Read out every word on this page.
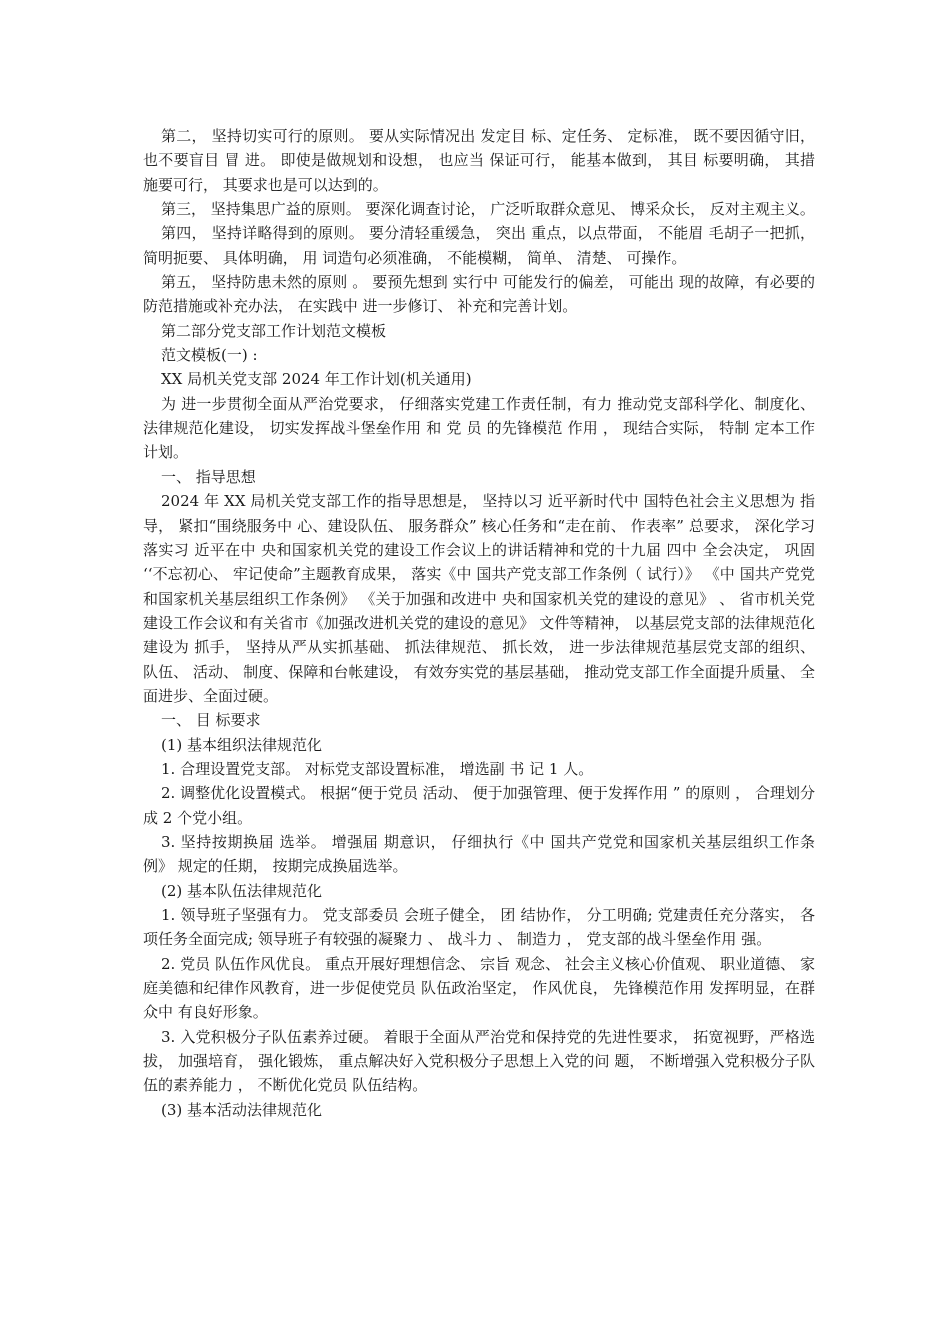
第二， 坚持切实可行的原则。 要从实际情况出 发定目 标、定任务、 定标准， 既不要因循守旧， 也不要盲目 冒 进。 即使是做规划和设想， 也应当 保证可行， 能基本做到， 其目 标要明确， 其措施要可行， 其要求也是可以达到的。

第三， 坚持集思广益的原则。 要深化调查讨论， 广泛听取群众意见、 博采众长， 反对主观主义。

第四， 坚持详略得到的原则。 要分清轻重缓急， 突出 重点，以点带面， 不能眉 毛胡子一把抓， 简明扼要、 具体明确， 用 词造句必须准确， 不能模糊， 简单、 清楚、 可操作。

第五， 坚持防患未然的原则 。 要预先想到 实行中 可能发行的偏差， 可能出 现的故障，有必要的防范措施或补充办法， 在实践中 进一步修订、 补充和完善计划。

第二部分党支部工作计划范文模板

范文模板(一) :

XX 局机关党支部 2024 年工作计划(机关通用)

为 进一步贯彻全面从严治党要求， 仔细落实党建工作责任制，有力 推动党支部科学化、制度化、 法律规范化建设， 切实发挥战斗堡垒作用 和 党 员 的先锋模范 作用 ， 现结合实际， 特制 定本工作计划。

一、 指导思想

2024 年 XX 局机关党支部工作的指导思想是， 坚持以习 近平新时代中 国特色社会主义思想为 指导， 紧扣“围绕服务中 心、建设队伍、 服务群众” 核心任务和“走在前、 作表率” 总要求， 深化学习 落实习 近平在中 央和国家机关党的建设工作会议上的讲话精神和党的十九届 四中 全会决定， 巩固 ‘‘不忘初心、 牢记使命”主题教育成果， 落实《中 国共产党支部工作条例（ 试行）》 《中 国共产党党和国家机关基层组织工作条例》 《关于加强和改进中 央和国家机关党的建设的意见》 、 省市机关党建设工作会议和有关省市《加强改进机关党的建设的意见》 文件等精神， 以基层党支部的法律规范化建设为 抓手， 坚持从严从实抓基础、 抓法律规范、 抓长效， 进一步法律规范基层党支部的组织、 队伍、 活动、 制度、保障和台帐建设， 有效夯实党的基层基础， 推动党支部工作全面提升质量、 全面进步、全面过硬。

一、 目 标要求

(1) 基本组织法律规范化

1. 合理设置党支部。 对标党支部设置标准， 增选副 书 记 1 人。

2. 调整优化设置模式。 根据“便于党员 活动、 便于加强管理、便于发挥作用 ” 的原则 ， 合理划分成 2 个党小组。

3. 坚持按期换届 选举。 增强届 期意识， 仔细执行《中 国共产党党和国家机关基层组织工作条例》 规定的任期， 按期完成换届选举。

(2) 基本队伍法律规范化

1. 领导班子坚强有力。 党支部委员 会班子健全， 团 结协作， 分工明确; 党建责任充分落实， 各项任务全面完成; 领导班子有较强的凝聚力 、 战斗力 、 制造力 ， 党支部的战斗堡垒作用 强。

2. 党员 队伍作风优良。 重点开展好理想信念、 宗旨 观念、 社会主义核心价值观、 职业道德、 家庭美德和纪律作风教育，进一步促使党员 队伍政治坚定， 作风优良， 先锋模范作用 发挥明显，在群众中 有良好形象。

3. 入党积极分子队伍素养过硬。 着眼于全面从严治党和保持党的先进性要求， 拓宽视野，严格选拔， 加强培育， 强化锻炼， 重点解决好入党积极分子思想上入党的问 题， 不断增强入党积极分子队伍的素养能力 ， 不断优化党员 队伍结构。

(3) 基本活动法律规范化
